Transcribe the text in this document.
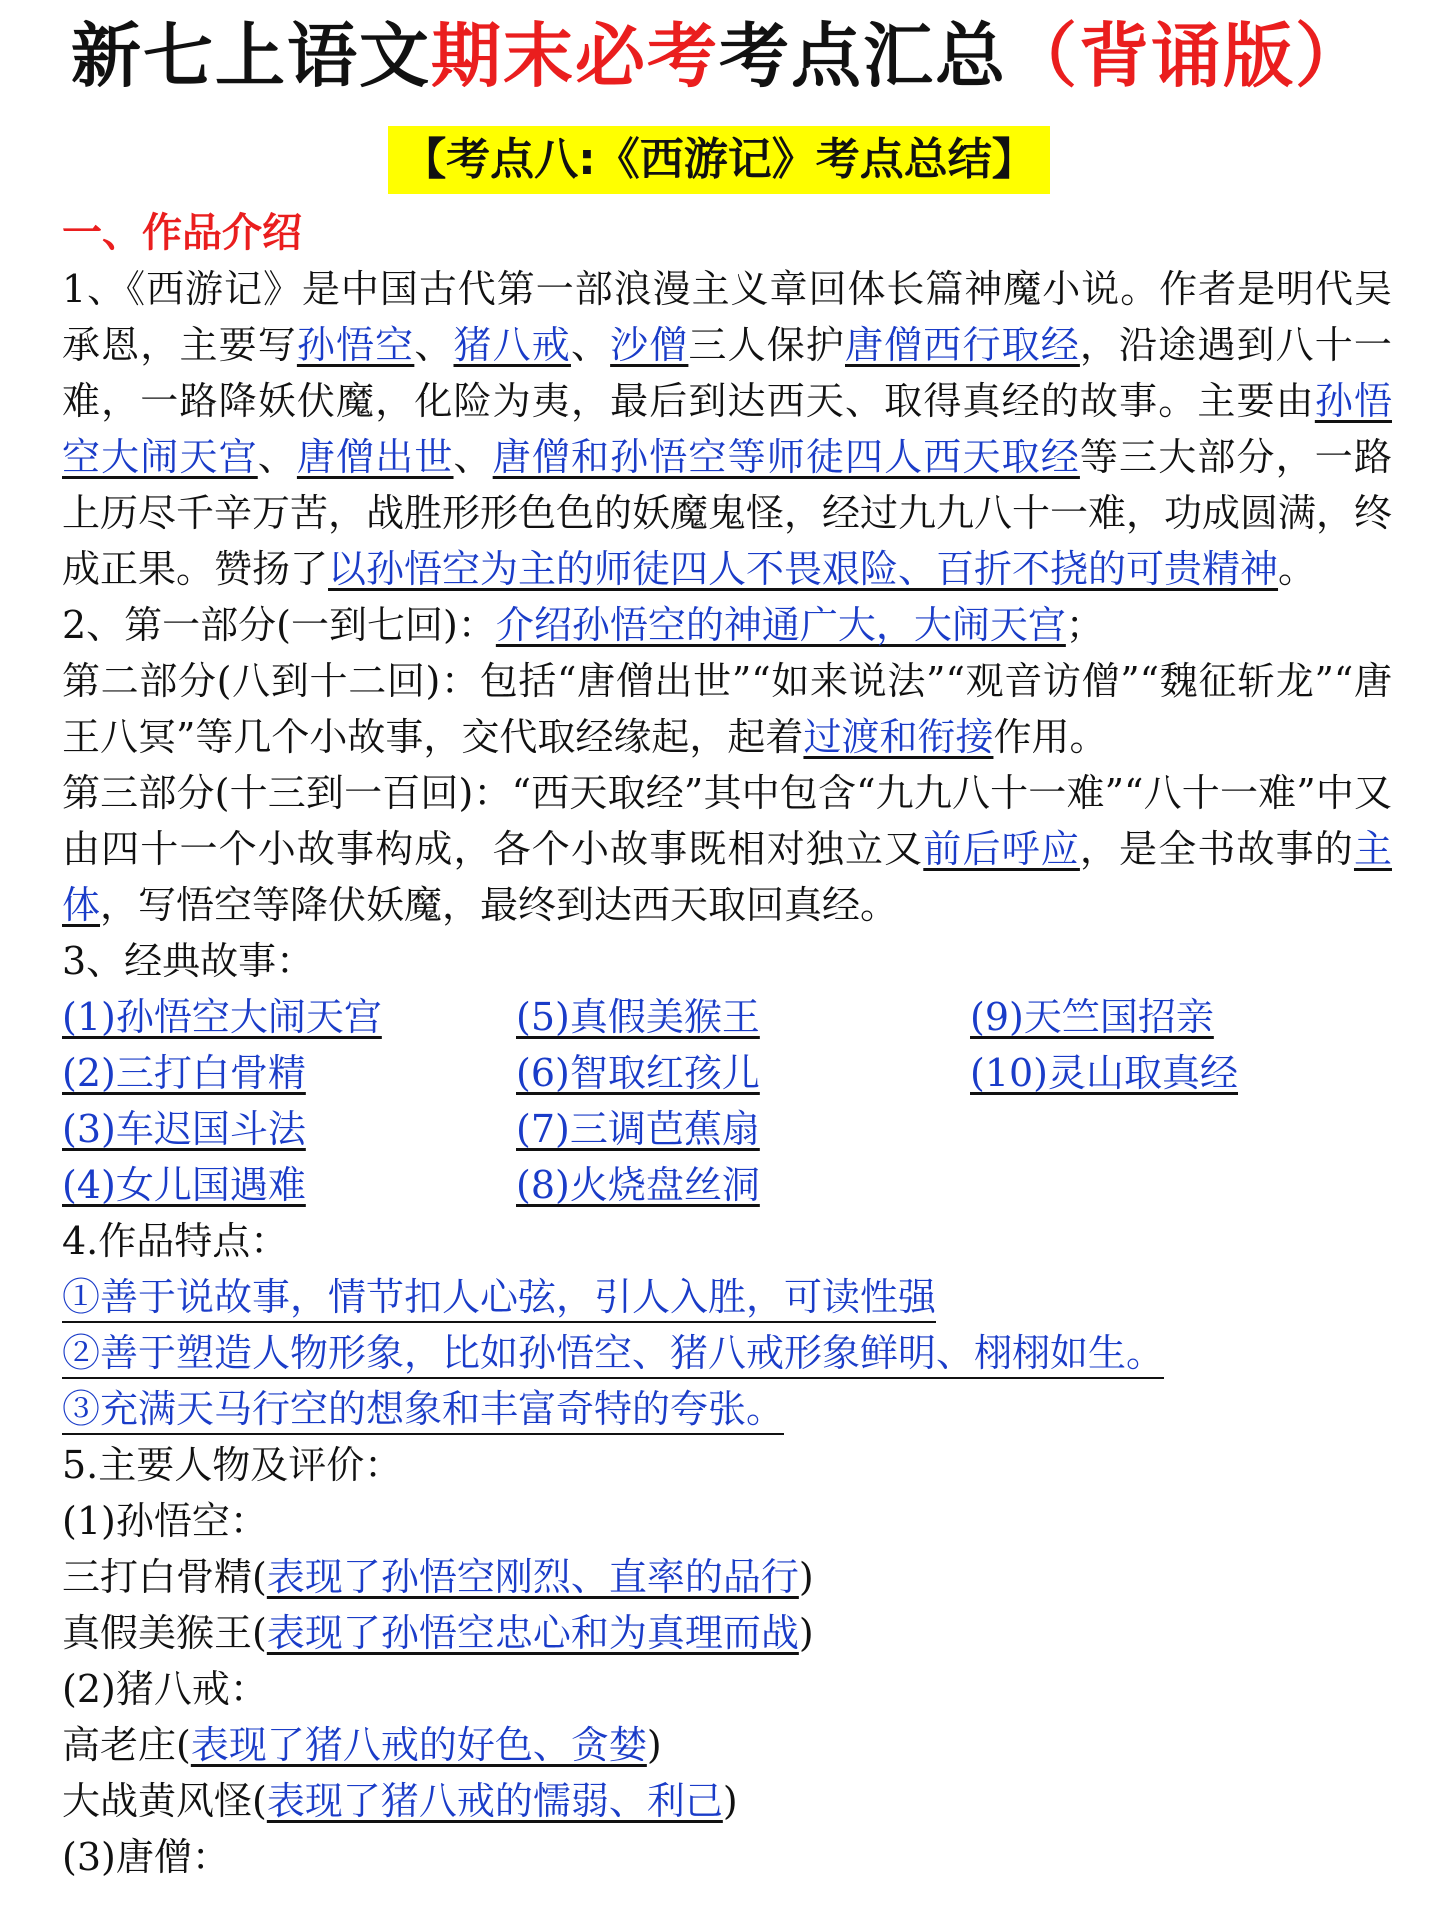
新七上语文期末必考考点汇总（背诵版）
【考点八:《西游记》考点总结】
一、作品介绍

1、《西游记》是中国古代第一部浪漫主义章回体长篇神魔小说。作者是明代吴承恩，主要写孙悟空、猪八戒、沙僧三人保护唐僧西行取经，沿途遇到八十一难，一路降妖伏魔，化险为夷，最后到达西天、取得真经的故事。主要由孙悟空大闹天宫、唐僧出世、唐僧和孙悟空等师徒四人西天取经等三大部分，一路上历尽千辛万苦，战胜形形色色的妖魔鬼怪，经过九九八十一难，功成圆满，终成正果。赞扬了以孙悟空为主的师徒四人不畏艰险、百折不挠的可贵精神。

2、第一部分(一到七回)：介绍孙悟空的神通广大，大闹天宫；

第二部分(八到十二回)：包括“唐僧出世”“如来说法”“观音访僧”“魏征斩龙”“唐王八冥”等几个小故事，交代取经缘起，起着过渡和衔接作用。

第三部分(十三到一百回)：“西天取经”其中包含“九九八十一难”“八十一难”中又由四十一个小故事构成，各个小故事既相对独立又前后呼应，是全书故事的主体，写悟空等降伏妖魔，最终到达西天取回真经。

3、经典故事：
(1)孙悟空大闹天宫	(5)真假美猴王	(9)天竺国招亲
(2)三打白骨精	(6)智取红孩儿	(10)灵山取真经
(3)车迟国斗法	(7)三调芭蕉扇
(4)女儿国遇难	(8)火烧盘丝洞
4.作品特点：
①善于说故事，情节扣人心弦，引人入胜，可读性强
②善于塑造人物形象，比如孙悟空、猪八戒形象鲜明、栩栩如生。
③充满天马行空的想象和丰富奇特的夸张。
5.主要人物及评价：
(1)孙悟空：
三打白骨精(表现了孙悟空刚烈、直率的品行)
真假美猴王(表现了孙悟空忠心和为真理而战)
(2)猪八戒：
高老庄(表现了猪八戒的好色、贪婪)
大战黄风怪(表现了猪八戒的懦弱、利己)
(3)唐僧：
